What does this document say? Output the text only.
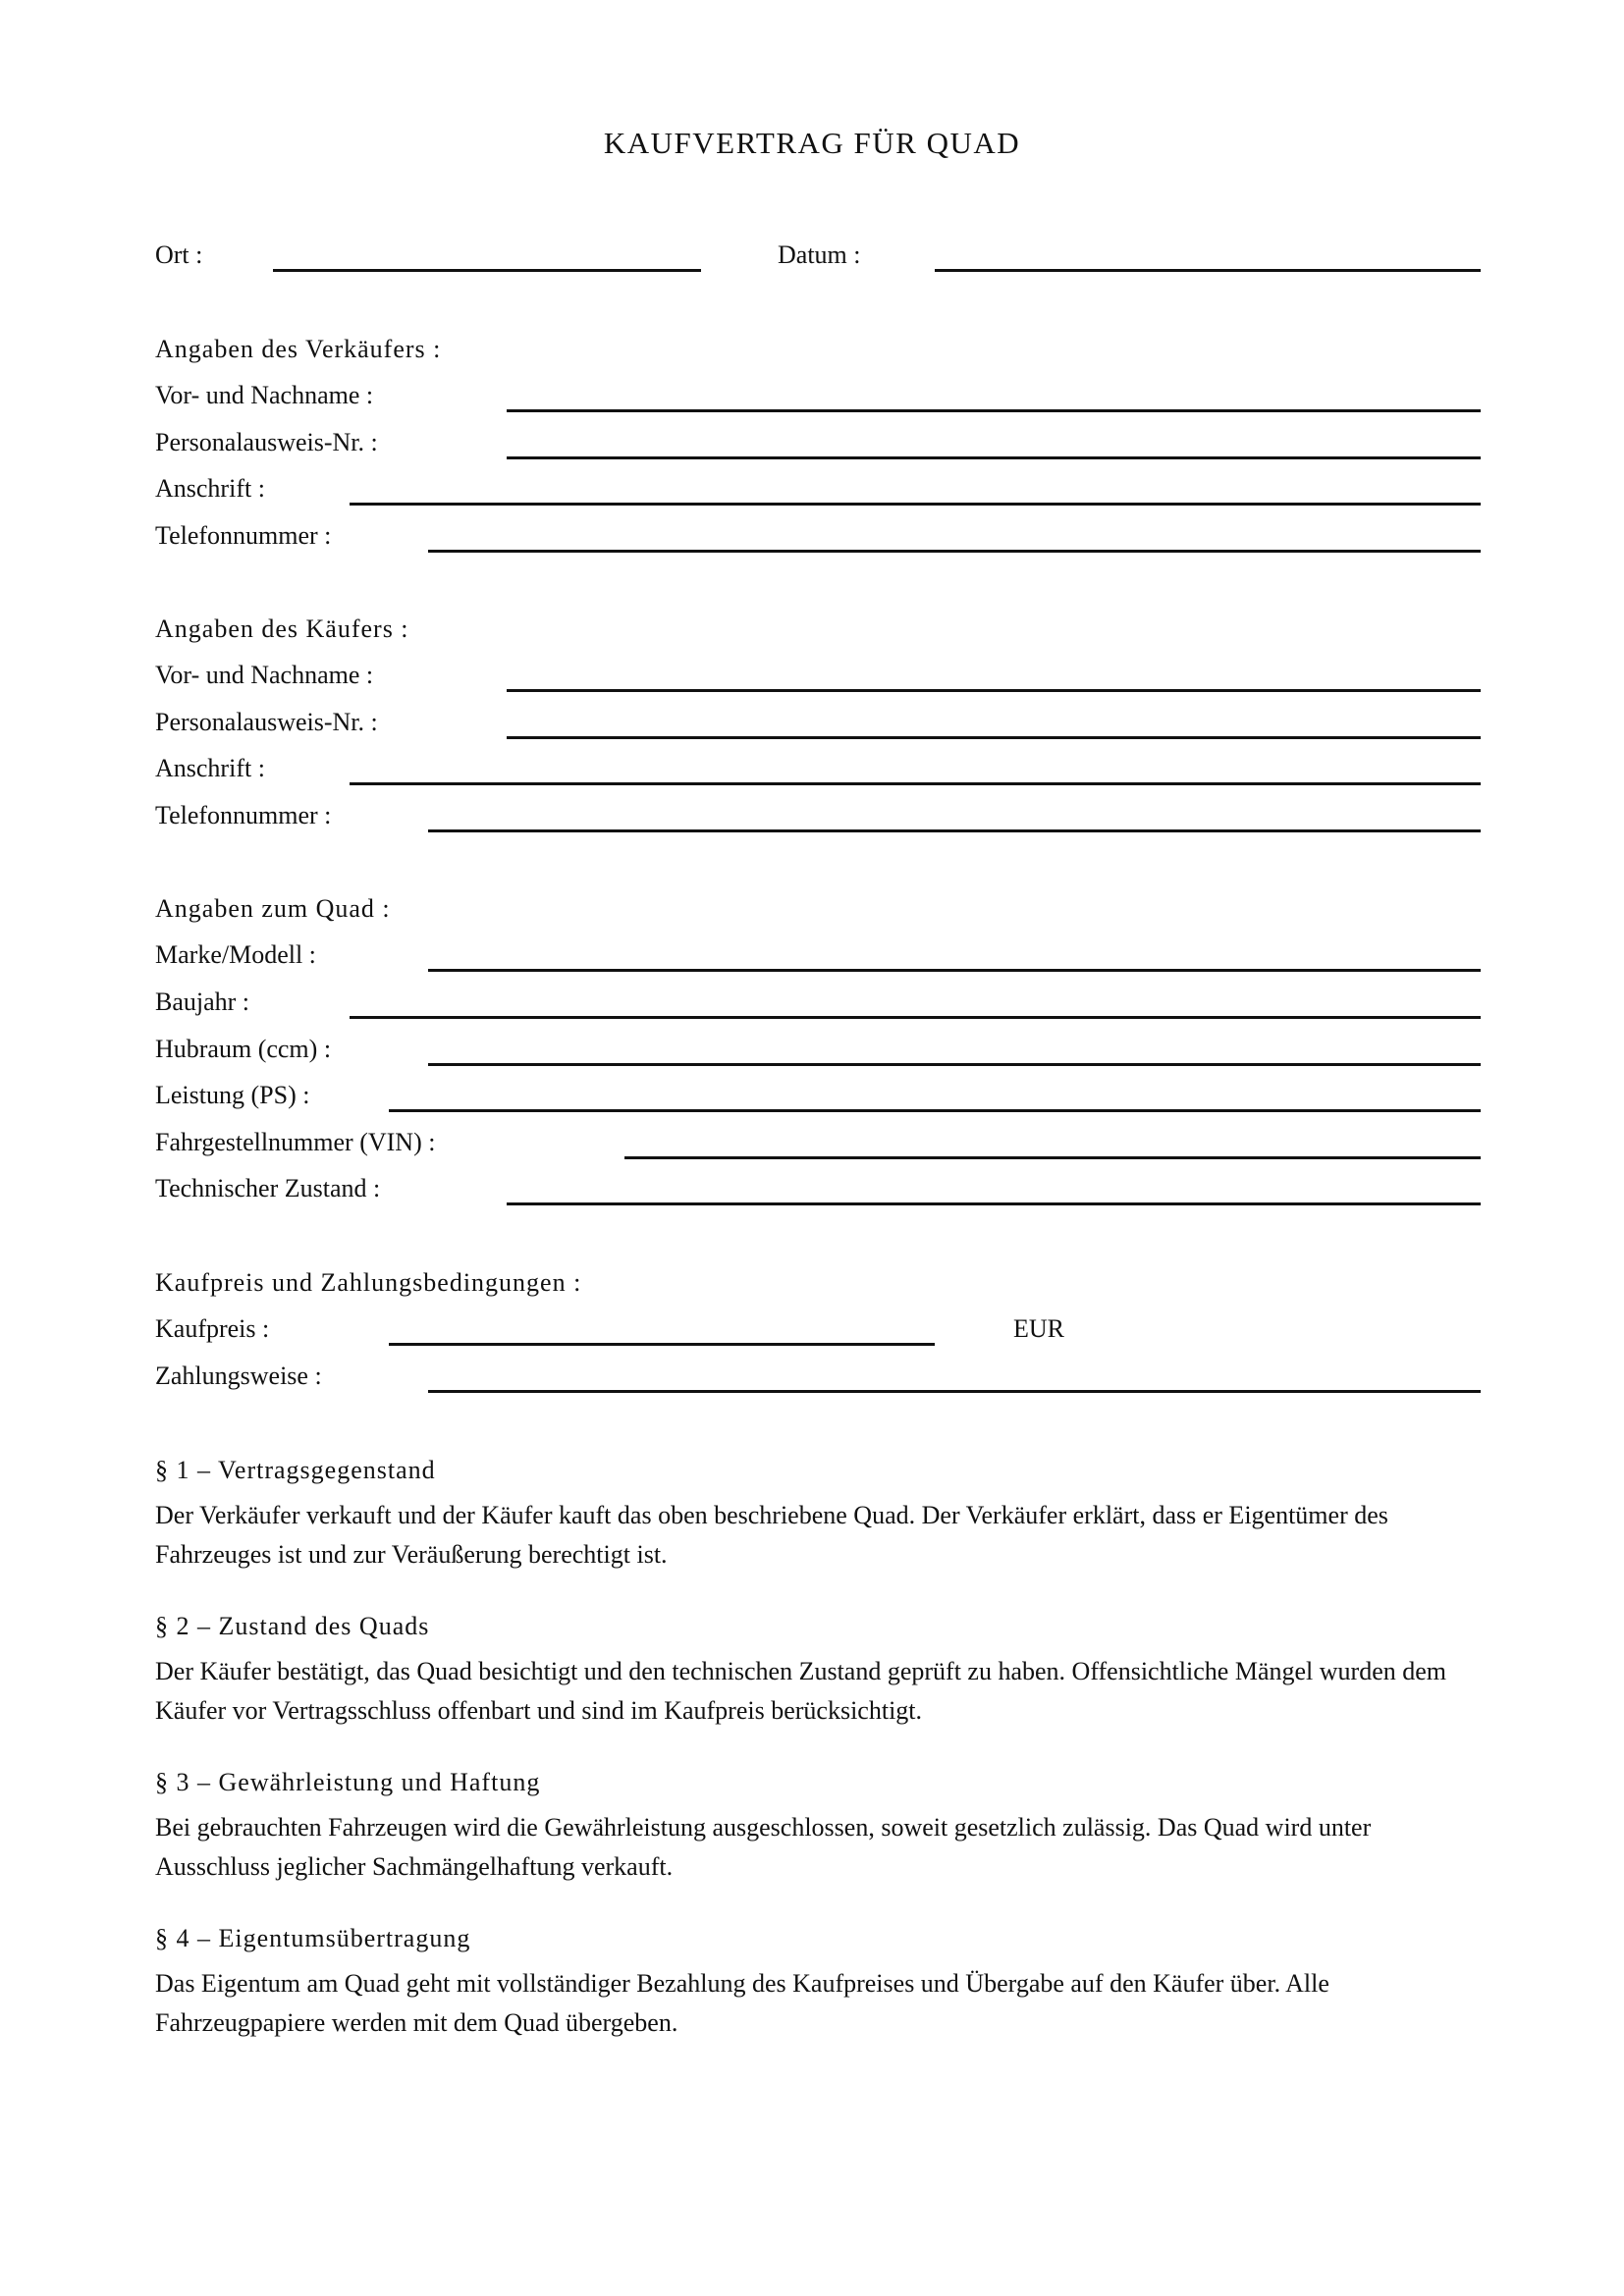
KAUFVERTRAG FÜR QUAD
Ort :	Datum :
Angaben des Verkäufers :
Vor- und Nachname :
Personalausweis-Nr. :
Anschrift :
Telefonnummer :
Angaben des Käufers :
Vor- und Nachname :
Personalausweis-Nr. :
Anschrift :
Telefonnummer :
Angaben zum Quad :
Marke/Modell :
Baujahr :
Hubraum (ccm) :
Leistung (PS) :
Fahrgestellnummer (VIN) :
Technischer Zustand :
Kaufpreis und Zahlungsbedingungen :
Kaufpreis :	EUR
Zahlungsweise :
§ 1 – Vertragsgegenstand
Der Verkäufer verkauft und der Käufer kauft das oben beschriebene Quad. Der Verkäufer erklärt, dass er Eigentümer des Fahrzeuges ist und zur Veräußerung berechtigt ist.
§ 2 – Zustand des Quads
Der Käufer bestätigt, das Quad besichtigt und den technischen Zustand geprüft zu haben. Offensichtliche Mängel wurden dem Käufer vor Vertragsschluss offenbart und sind im Kaufpreis berücksichtigt.
§ 3 – Gewährleistung und Haftung
Bei gebrauchten Fahrzeugen wird die Gewährleistung ausgeschlossen, soweit gesetzlich zulässig. Das Quad wird unter Ausschluss jeglicher Sachmängelhaftung verkauft.
§ 4 – Eigentumsübertragung
Das Eigentum am Quad geht mit vollständiger Bezahlung des Kaufpreises und Übergabe auf den Käufer über. Alle Fahrzeugpapiere werden mit dem Quad übergeben.
